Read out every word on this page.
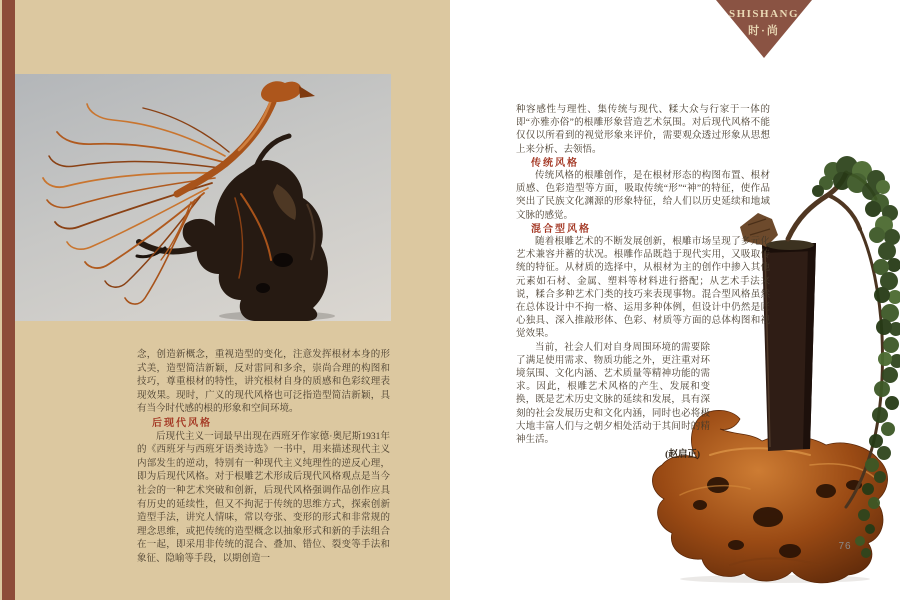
念，创造新概念，重视造型的变化，注意发挥根材本身的形式美，造型简洁新颖，反对雷同和多余，崇尚合理的构图和技巧，尊重根材的特性，讲究根材自身的质感和色彩纹理表现效果。现时，广义的现代风格也可泛指造型简洁新颖，具有当今时代感的根的形象和空间环境。

后现代风格

后现代主义一词最早出现在西班牙作家德·奥尼斯1931年的《西班牙与西班牙语类诗选》一书中，用来描述现代主义内部发生的逆动，特别有一种现代主义纯理性的逆反心理，即为后现代风格。对于根雕艺术形成后现代风格观点是当今社会的一种艺术突破和创新，后现代风格强调作品创作应具有历史的延续性，但又不拘泥于传统的思维方式，探索创新造型手法，讲究人情味，常以夸张、变形的形式和非常规的理念思维，或把传统的造型概念以抽象形式和新的手法组合在一起，即采用非传统的混合、叠加、错位、裂变等手法和象征、隐喻等手段，以期创造一

SHISHANG
时·尚

种容感性与理性、集传统与现代、糅大众与行家于一体的即“亦雅亦俗”的根雕形象营造艺术氛围。对后现代风格不能仅仅以所看到的视觉形象来评价，需要观众透过形象从思想上来分析、去领悟。

传统风格

传统风格的根雕创作，是在根材形态的构图布置、根材质感、色彩造型等方面，吸取传统“形”“神”的特征，使作品突出了民族文化渊源的形象特征，给人们以历史延续和地域文脉的感觉。

混合型风格

随着根雕艺术的不断发展创新，根雕市场呈现了多元化艺术兼容并蓄的状况。根雕作品既趋于现代实用，又吸取传统的特征。从材质的选择中，从根材为主的创作中掺入其他元素如石材、金属、塑料等材料进行搭配；从艺术手法来说，糅合多种艺术门类的技巧来表现事物。混合型风格虽然在总体设计中不拘一格、运用多种体例，但设计中仍然是匠心独具、深入推敲形体、色彩、材质等方面的总体构图和视觉效果。

当前，社会人们对自身周围环境的需要除了满足使用需求、物质功能之外，更注重对环境氛围、文化内涵、艺术质量等精神功能的需求。因此，根雕艺术风格的产生、发展和变换，既是艺术历史文脉的延续和发展，具有深刻的社会发展历史和文化内涵，同时也必将极大地丰富人们与之朝夕相处活动于其间时的精神生活。

(赵启正)

76
